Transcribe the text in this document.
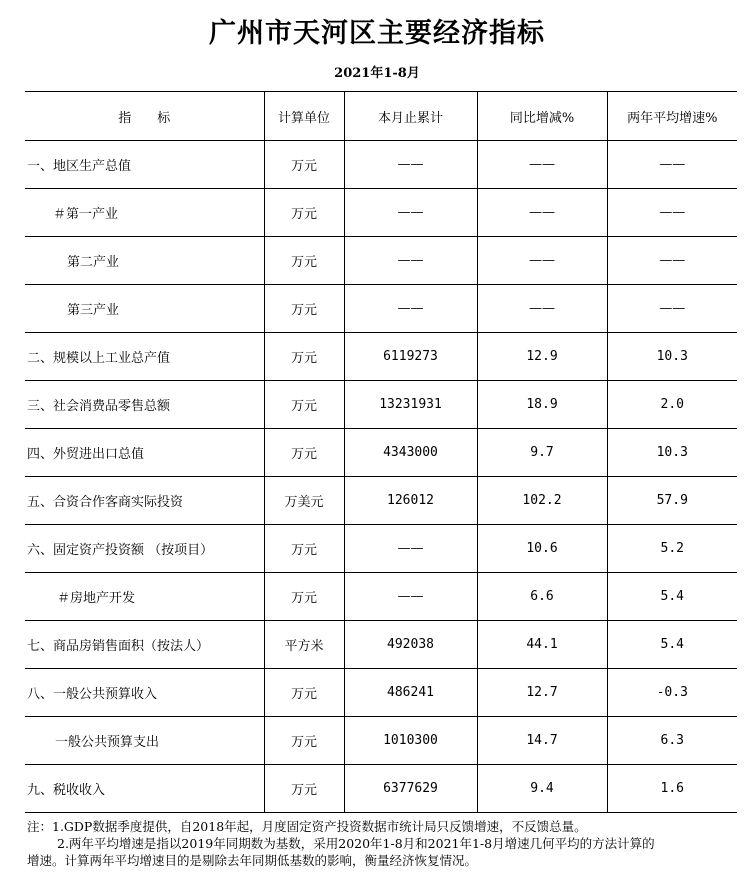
广州市天河区主要经济指标
2021年1-8月
指　　标	计算单位	本月止累计	同比增减%	两年平均增速%
一、地区生产总值	万元	——	——	——
＃第一产业	万元	——	——	——
第二产业	万元	——	——	——
第三产业	万元	——	——	——
二、规模以上工业总产值	万元	6119273	12.9	10.3
三、社会消费品零售总额	万元	13231931	18.9	2.0
四、外贸进出口总值	万元	4343000	9.7	10.3
五、合资合作客商实际投资	万美元	126012	102.2	57.9
六、固定资产投资额 （按项目）	万元	——	10.6	5.2
＃房地产开发	万元	——	6.6	5.4
七、商品房销售面积（按法人）	平方米	492038	44.1	5.4
八、一般公共预算收入	万元	486241	12.7	-0.3
一般公共预算支出	万元	1010300	14.7	6.3
九、税收收入	万元	6377629	9.4	1.6

注：1.GDP数据季度提供，自2018年起，月度固定资产投资数据市统计局只反馈增速，不反馈总量。

2.两年平均增速是指以2019年同期数为基数，采用2020年1-8月和2021年1-8月增速几何平均的方法计算的

增速。计算两年平均增速目的是剔除去年同期低基数的影响，衡量经济恢复情况。
